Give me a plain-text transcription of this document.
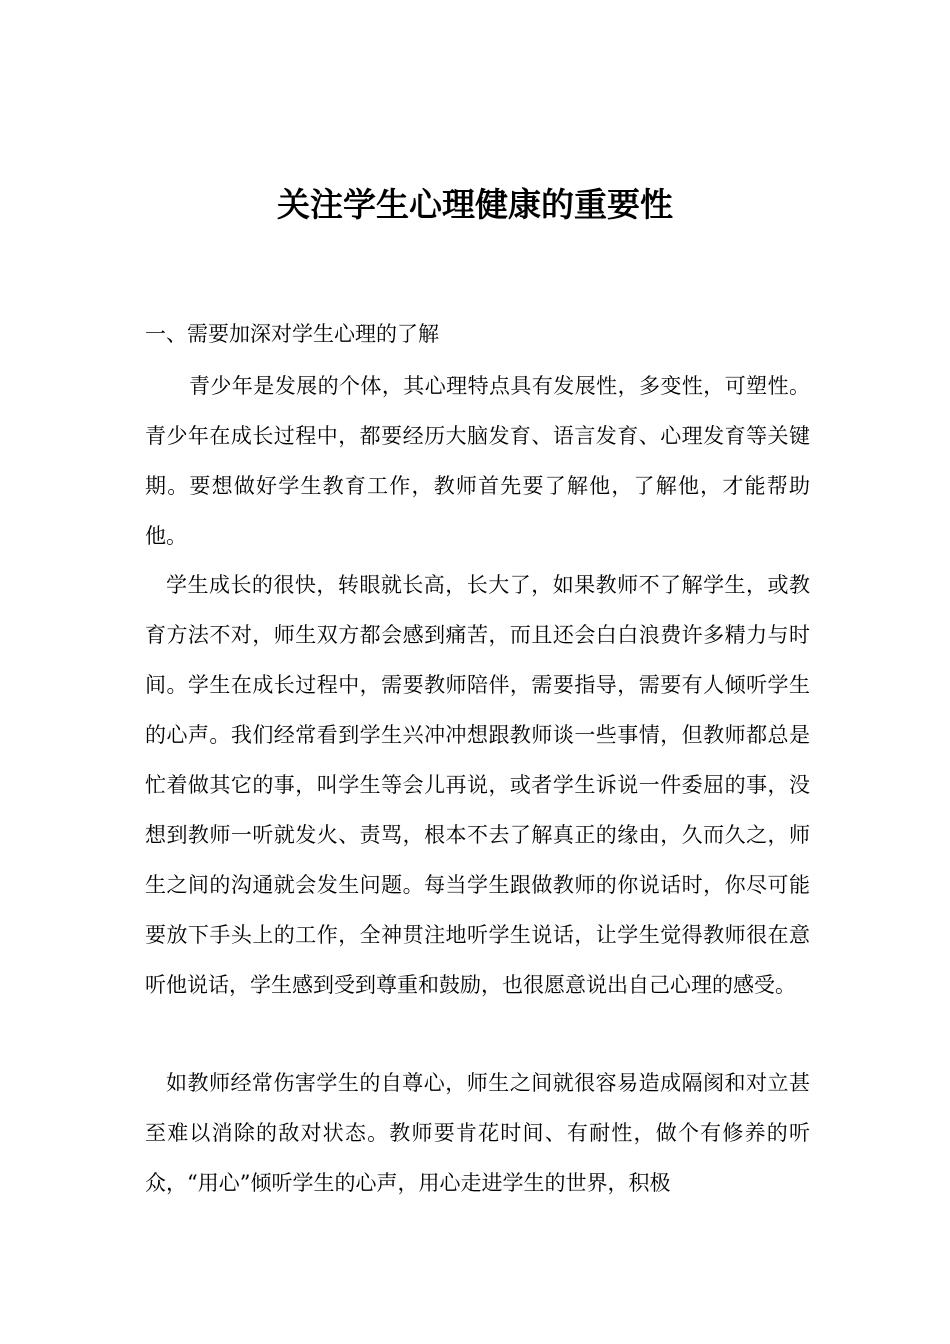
关注学生心理健康的重要性

一、需要加深对学生心理的了解

青少年是发展的个体，其心理特点具有发展性，多变性，可塑性。青少年在成长过程中，都要经历大脑发育、语言发育、心理发育等关键期。要想做好学生教育工作，教师首先要了解他，了解他，才能帮助他。

学生成长的很快，转眼就长高，长大了，如果教师不了解学生，或教育方法不对，师生双方都会感到痛苦，而且还会白白浪费许多精力与时间。学生在成长过程中，需要教师陪伴，需要指导，需要有人倾听学生的心声。我们经常看到学生兴冲冲想跟教师谈一些事情，但教师都总是忙着做其它的事，叫学生等会儿再说，或者学生诉说一件委屈的事，没想到教师一听就发火、责骂，根本不去了解真正的缘由，久而久之，师生之间的沟通就会发生问题。每当学生跟做教师的你说话时，你尽可能要放下手头上的工作，全神贯注地听学生说话，让学生觉得教师很在意听他说话，学生感到受到尊重和鼓励，也很愿意说出自己心理的感受。

如教师经常伤害学生的自尊心，师生之间就很容易造成隔阂和对立甚至难以消除的敌对状态。教师要肯花时间、有耐性，做个有修养的听众，“用心”倾听学生的心声，用心走进学生的世界，积极
